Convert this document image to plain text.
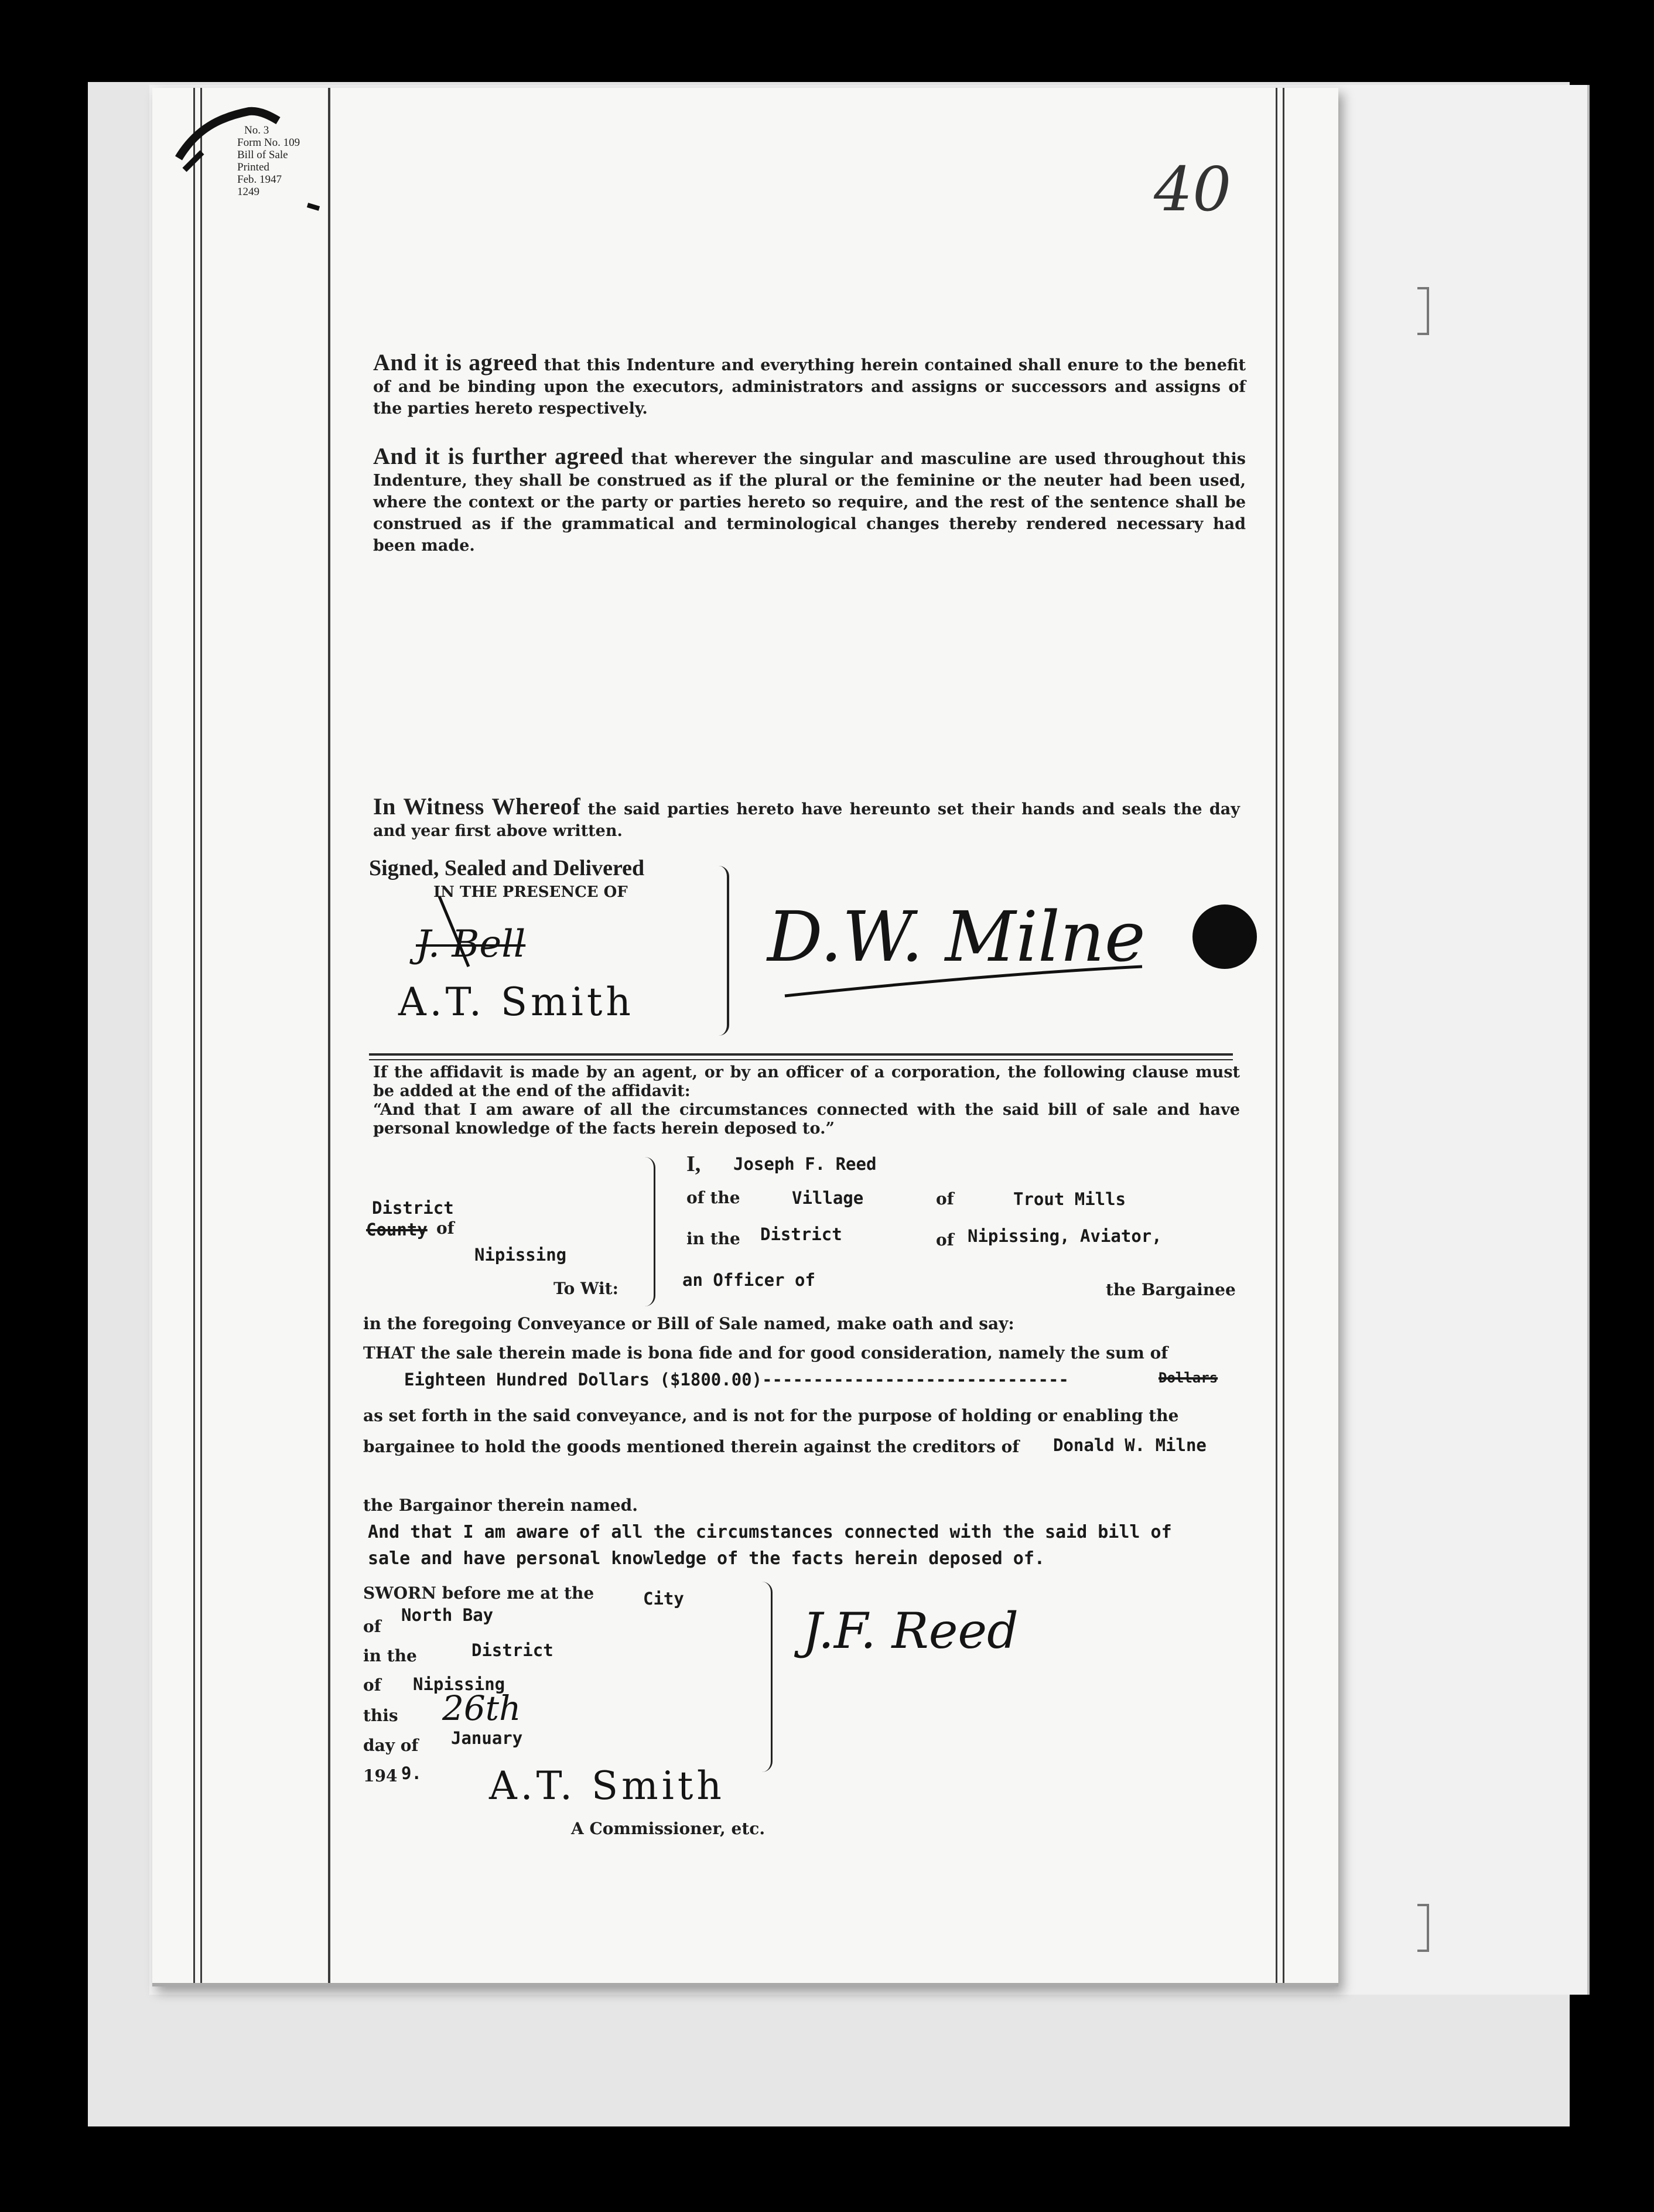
No. 3
Form No. 109
Bill of Sale
Printed
Feb. 1947
1249	40
And it is agreed that this Indenture and everything herein contained shall enure to the benefit of and be binding upon the executors, administrators and assigns or successors and assigns of the parties hereto respectively.
And it is further agreed that wherever the singular and masculine are used throughout this Indenture, they shall be construed as if the plural or the feminine or the neuter had been used, where the context or the party or parties hereto so require, and the rest of the sentence shall be construed as if the grammatical and terminological changes thereby rendered necessary had been made.
In Witness Whereof the said parties hereto have hereunto set their hands and seals the day and year first above written.
Signed, Sealed and Delivered
IN THE PRESENCE OF
J. Bell
A.T. Smith
D.W. Milne
If the affidavit is made by an agent, or by an officer of a corporation, the following clause must be added at the end of the affidavit:
“And that I am aware of all the circumstances connected with the said bill of sale and have personal knowledge of the facts herein deposed to.”
District
County of
Nipissing
To Wit:
I, Joseph F. Reed
of the	Village	of	Trout Mills
in the District	of Nipissing, Aviator,
an Officer of	the Bargainee
in the foregoing Conveyance or Bill of Sale named, make oath and say:
THAT the sale therein made is bona fide and for good consideration, namely the sum of
Eighteen Hundred Dollars ($1800.00)------------------------------	Dollars
as set forth in the said conveyance, and is not for the purpose of holding or enabling the
bargainee to hold the goods mentioned therein against the creditors of Donald W. Milne
the Bargainor therein named.
And that I am aware of all the circumstances connected with the said bill of
sale and have personal knowledge of the facts herein deposed of.
SWORN before me at the	City
of
North Bay
in the	District
of Nipissing
this 26th
day of January
194 9. A.T. Smith
A Commissioner, etc.
J.F. Reed
